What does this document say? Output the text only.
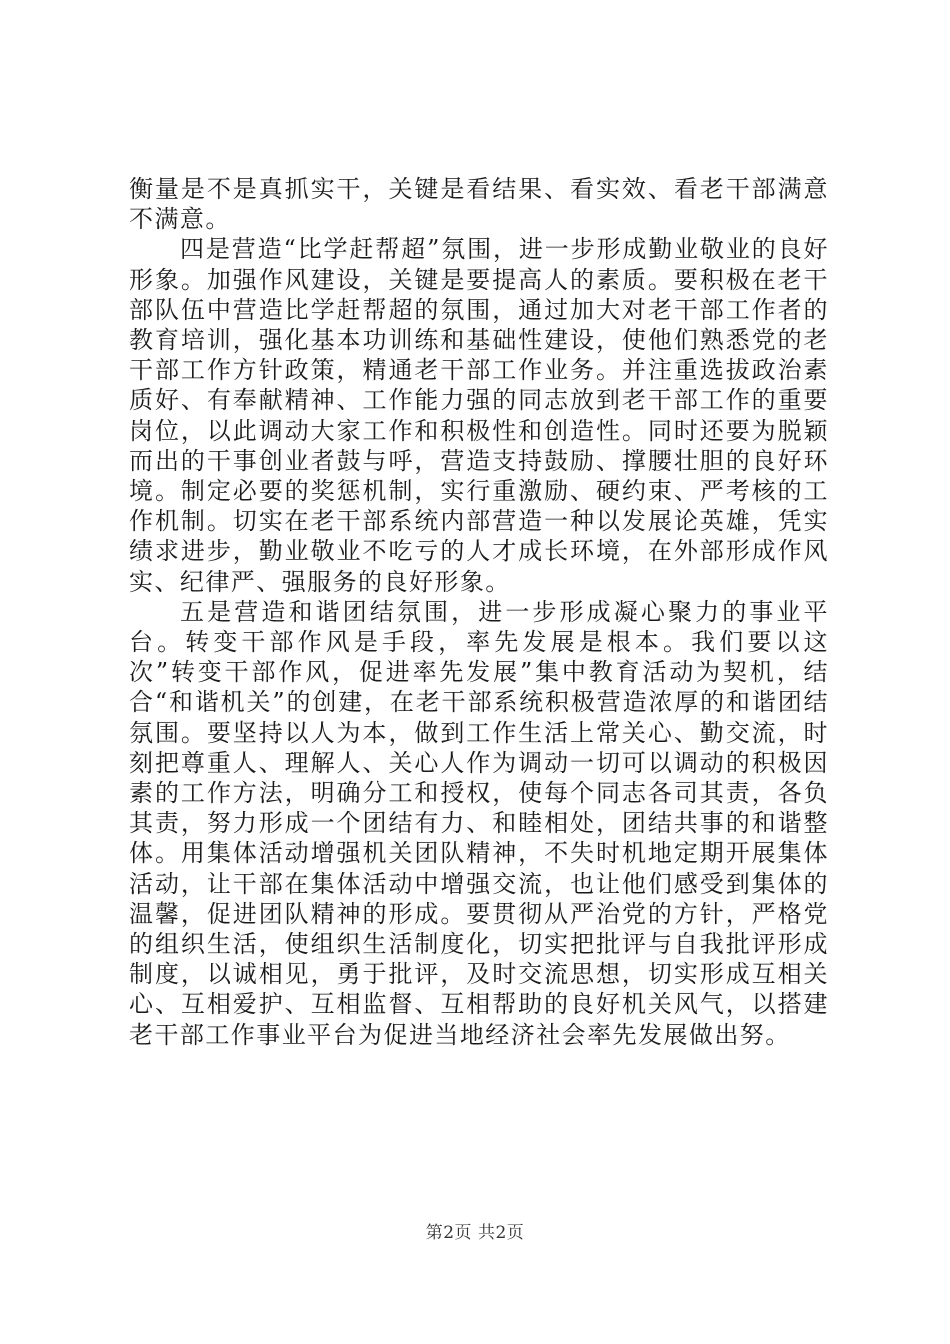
衡量是不是真抓实干，关键是看结果、看实效、看老干部满意不满意。

四是营造“比学赶帮超”氛围，进一步形成勤业敬业的良好形象。加强作风建设，关键是要提高人的素质。要积极在老干部队伍中营造比学赶帮超的氛围，通过加大对老干部工作者的教育培训，强化基本功训练和基础性建设，使他们熟悉党的老干部工作方针政策，精通老干部工作业务。并注重选拔政治素质好、有奉献精神、工作能力强的同志放到老干部工作的重要岗位，以此调动大家工作和积极性和创造性。同时还要为脱颖而出的干事创业者鼓与呼，营造支持鼓励、撑腰壮胆的良好环境。制定必要的奖惩机制，实行重激励、硬约束、严考核的工作机制。切实在老干部系统内部营造一种以发展论英雄，凭实绩求进步，勤业敬业不吃亏的人才成长环境，在外部形成作风实、纪律严、强服务的良好形象。

五是营造和谐团结氛围，进一步形成凝心聚力的事业平台。转变干部作风是手段，率先发展是根本。我们要以这次”转变干部作风，促进率先发展”集中教育活动为契机，结合“和谐机关”的创建，在老干部系统积极营造浓厚的和谐团结氛围。要坚持以人为本，做到工作生活上常关心、勤交流，时刻把尊重人、理解人、关心人作为调动一切可以调动的积极因素的工作方法，明确分工和授权，使每个同志各司其责，各负其责，努力形成一个团结有力、和睦相处，团结共事的和谐整体。用集体活动增强机关团队精神，不失时机地定期开展集体活动，让干部在集体活动中增强交流，也让他们感受到集体的温馨，促进团队精神的形成。要贯彻从严治党的方针，严格党的组织生活，使组织生活制度化，切实把批评与自我批评形成制度，以诚相见，勇于批评，及时交流思想，切实形成互相关心、互相爱护、互相监督、互相帮助的良好机关风气，以搭建老干部工作事业平台为促进当地经济社会率先发展做出努。

第2页 共2页
